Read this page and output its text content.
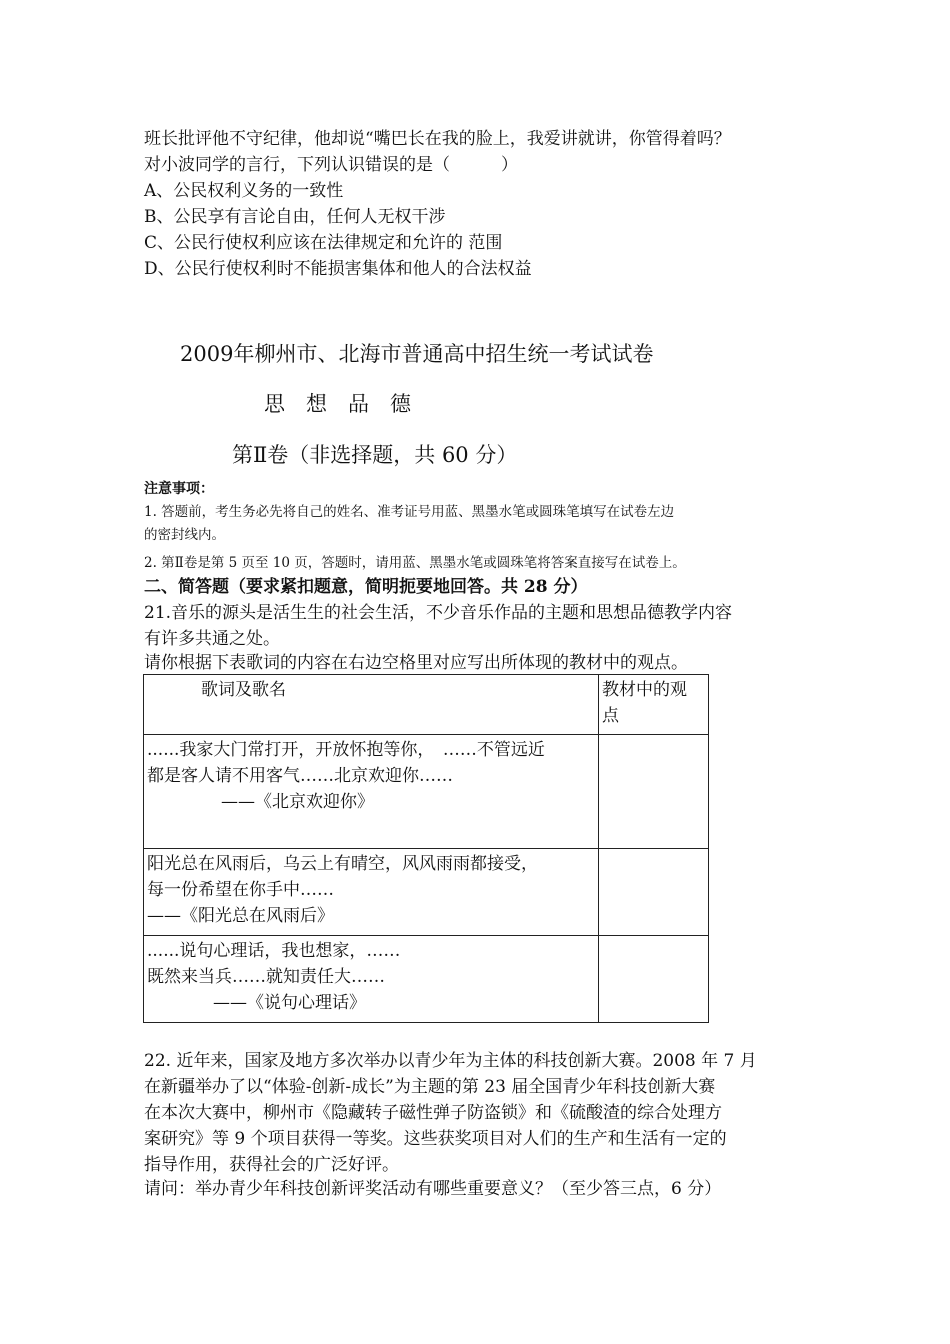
班长批评他不守纪律，他却说“嘴巴长在我的脸上，我爱讲就讲，你管得着吗？
对小波同学的言行，下列认识错误的是（　　　）
A、公民权利义务的一致性
B、公民享有言论自由，任何人无权干涉
C、公民行使权利应该在法律规定和允许的 范围
D、公民行使权利时不能损害集体和他人的合法权益
2009年柳州市、北海市普通高中招生统一考试试卷
思　想　品　德
第Ⅱ卷（非选择题，共 60 分）
注意事项：
1. 答题前，考生务必先将自己的姓名、准考证号用蓝、黑墨水笔或圆珠笔填写在试卷左边
的密封线内。
2. 第Ⅱ卷是第 5 页至 10 页，答题时，请用蓝、黑墨水笔或圆珠笔将答案直接写在试卷上。
二、简答题（要求紧扣题意，简明扼要地回答。共 28 分）
21.音乐的源头是活生生的社会生活，不少音乐作品的主题和思想品德教学内容
有许多共通之处。
请你根据下表歌词的内容在右边空格里对应写出所体现的教材中的观点。
歌词及歌名	教材中的观
点

......我家大门常打开，开放怀抱等你，　……不管远近
都是客人请不用客气……北京欢迎你……
——《北京欢迎你》	

阳光总在风雨后，乌云上有晴空，风风雨雨都接受，
每一份希望在你手中……
——《阳光总在风雨后》	

......说句心理话，我也想家，……
既然来当兵……就知责任大……
——《说句心理话》	

22. 近年来，国家及地方多次举办以青少年为主体的科技创新大赛。2008 年 7 月
在新疆举办了以“体验-创新-成长”为主题的第 23 届全国青少年科技创新大赛
在本次大赛中，柳州市《隐藏转子磁性弹子防盗锁》和《硫酸渣的综合处理方
案研究》等 9 个项目获得一等奖。这些获奖项目对人们的生产和生活有一定的
指导作用，获得社会的广泛好评。
请问：举办青少年科技创新评奖活动有哪些重要意义？（至少答三点，6 分）
